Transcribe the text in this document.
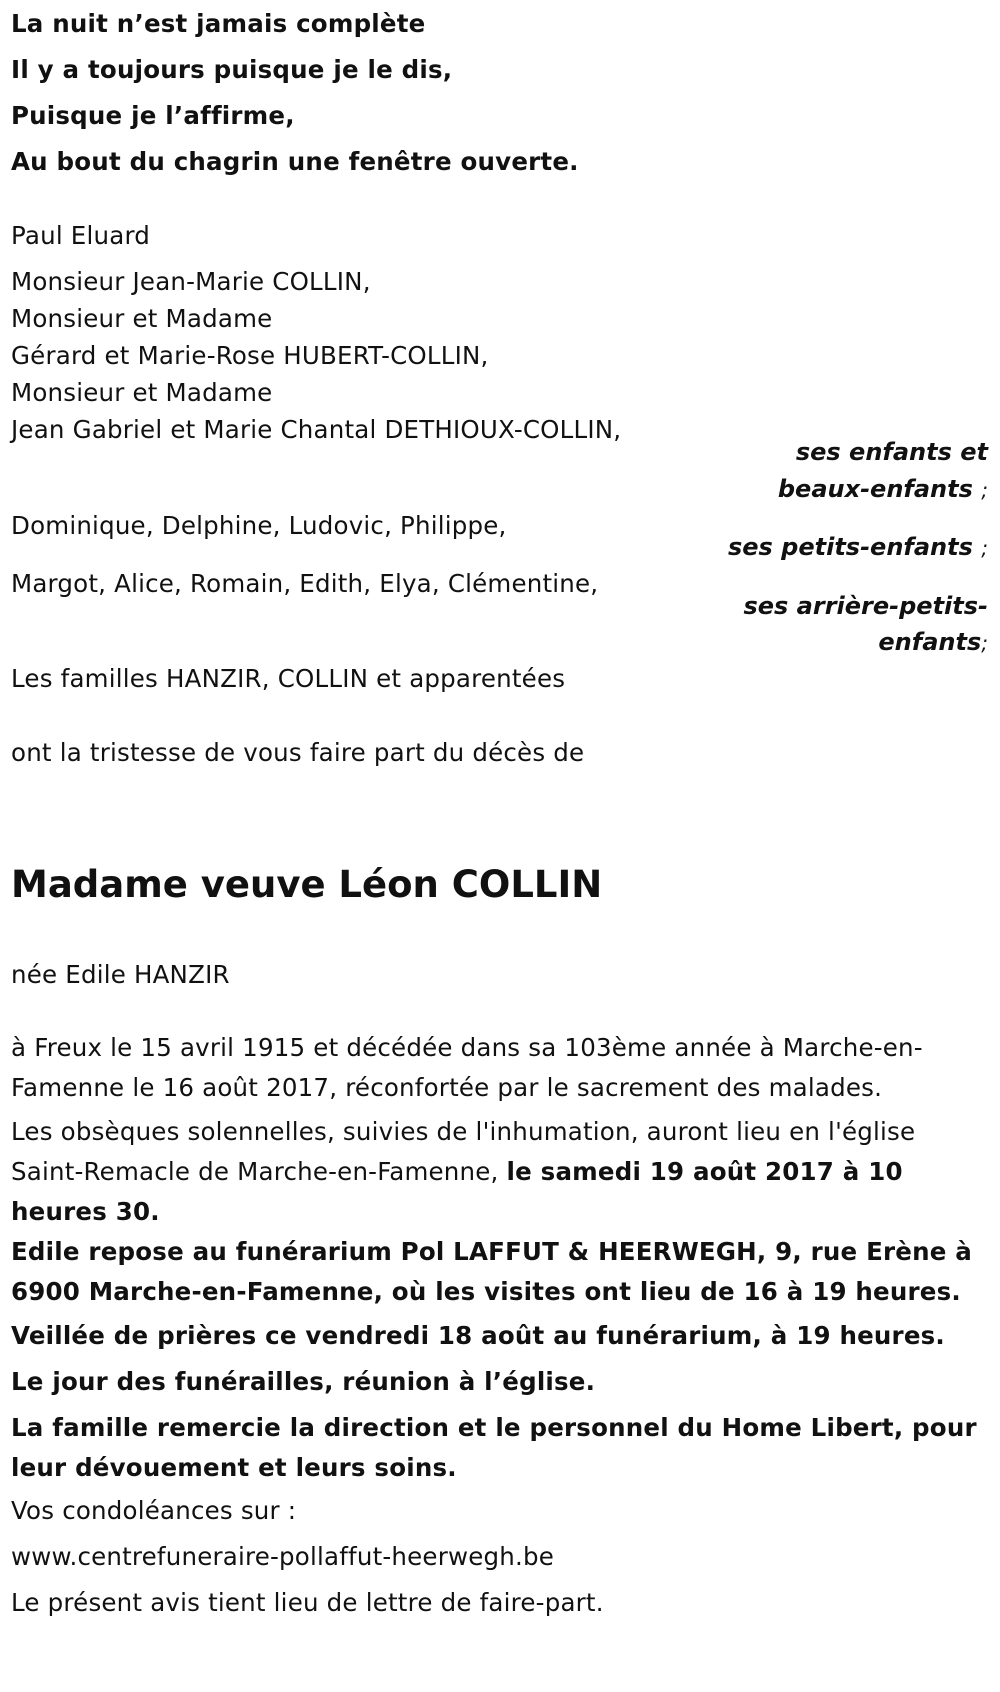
La nuit n’est jamais complète

Il y a toujours puisque je le dis,

Puisque je l’affirme,

Au bout du chagrin une fenêtre ouverte.

Paul Eluard

Monsieur Jean-Marie COLLIN,

Monsieur et Madame

Gérard et Marie-Rose HUBERT-COLLIN,

Monsieur et Madame

Jean Gabriel et Marie Chantal DETHIOUX-COLLIN,

ses enfants et
beaux-enfants ;

Dominique, Delphine, Ludovic, Philippe,

ses petits-enfants ;

Margot, Alice, Romain, Edith, Elya, Clémentine,

ses arrière-petits-
enfants;

Les familles HANZIR, COLLIN et apparentées

ont la tristesse de vous faire part du décès de

Madame veuve Léon COLLIN

née Edile HANZIR

à Freux le 15 avril 1915 et décédée dans sa 103ème année à Marche-en-Famenne le 16 août 2017, réconfortée par le sacrement des malades.
Les obsèques solennelles, suivies de l'inhumation, auront lieu en l'église Saint-Remacle de Marche-en-Famenne, le samedi 19 août 2017 à 10 heures 30.
Edile repose au funérarium Pol LAFFUT & HEERWEGH, 9, rue Erène à 6900 Marche-en-Famenne, où les visites ont lieu de 16 à 19 heures.
Veillée de prières ce vendredi 18 août au funérarium, à 19 heures.
Le jour des funérailles, réunion à l’église.
La famille remercie la direction et le personnel du Home Libert, pour leur dévouement et leurs soins.

Vos condoléances sur :

www.centrefuneraire-pollaffut-heerwegh.be

Le présent avis tient lieu de lettre de faire-part.
